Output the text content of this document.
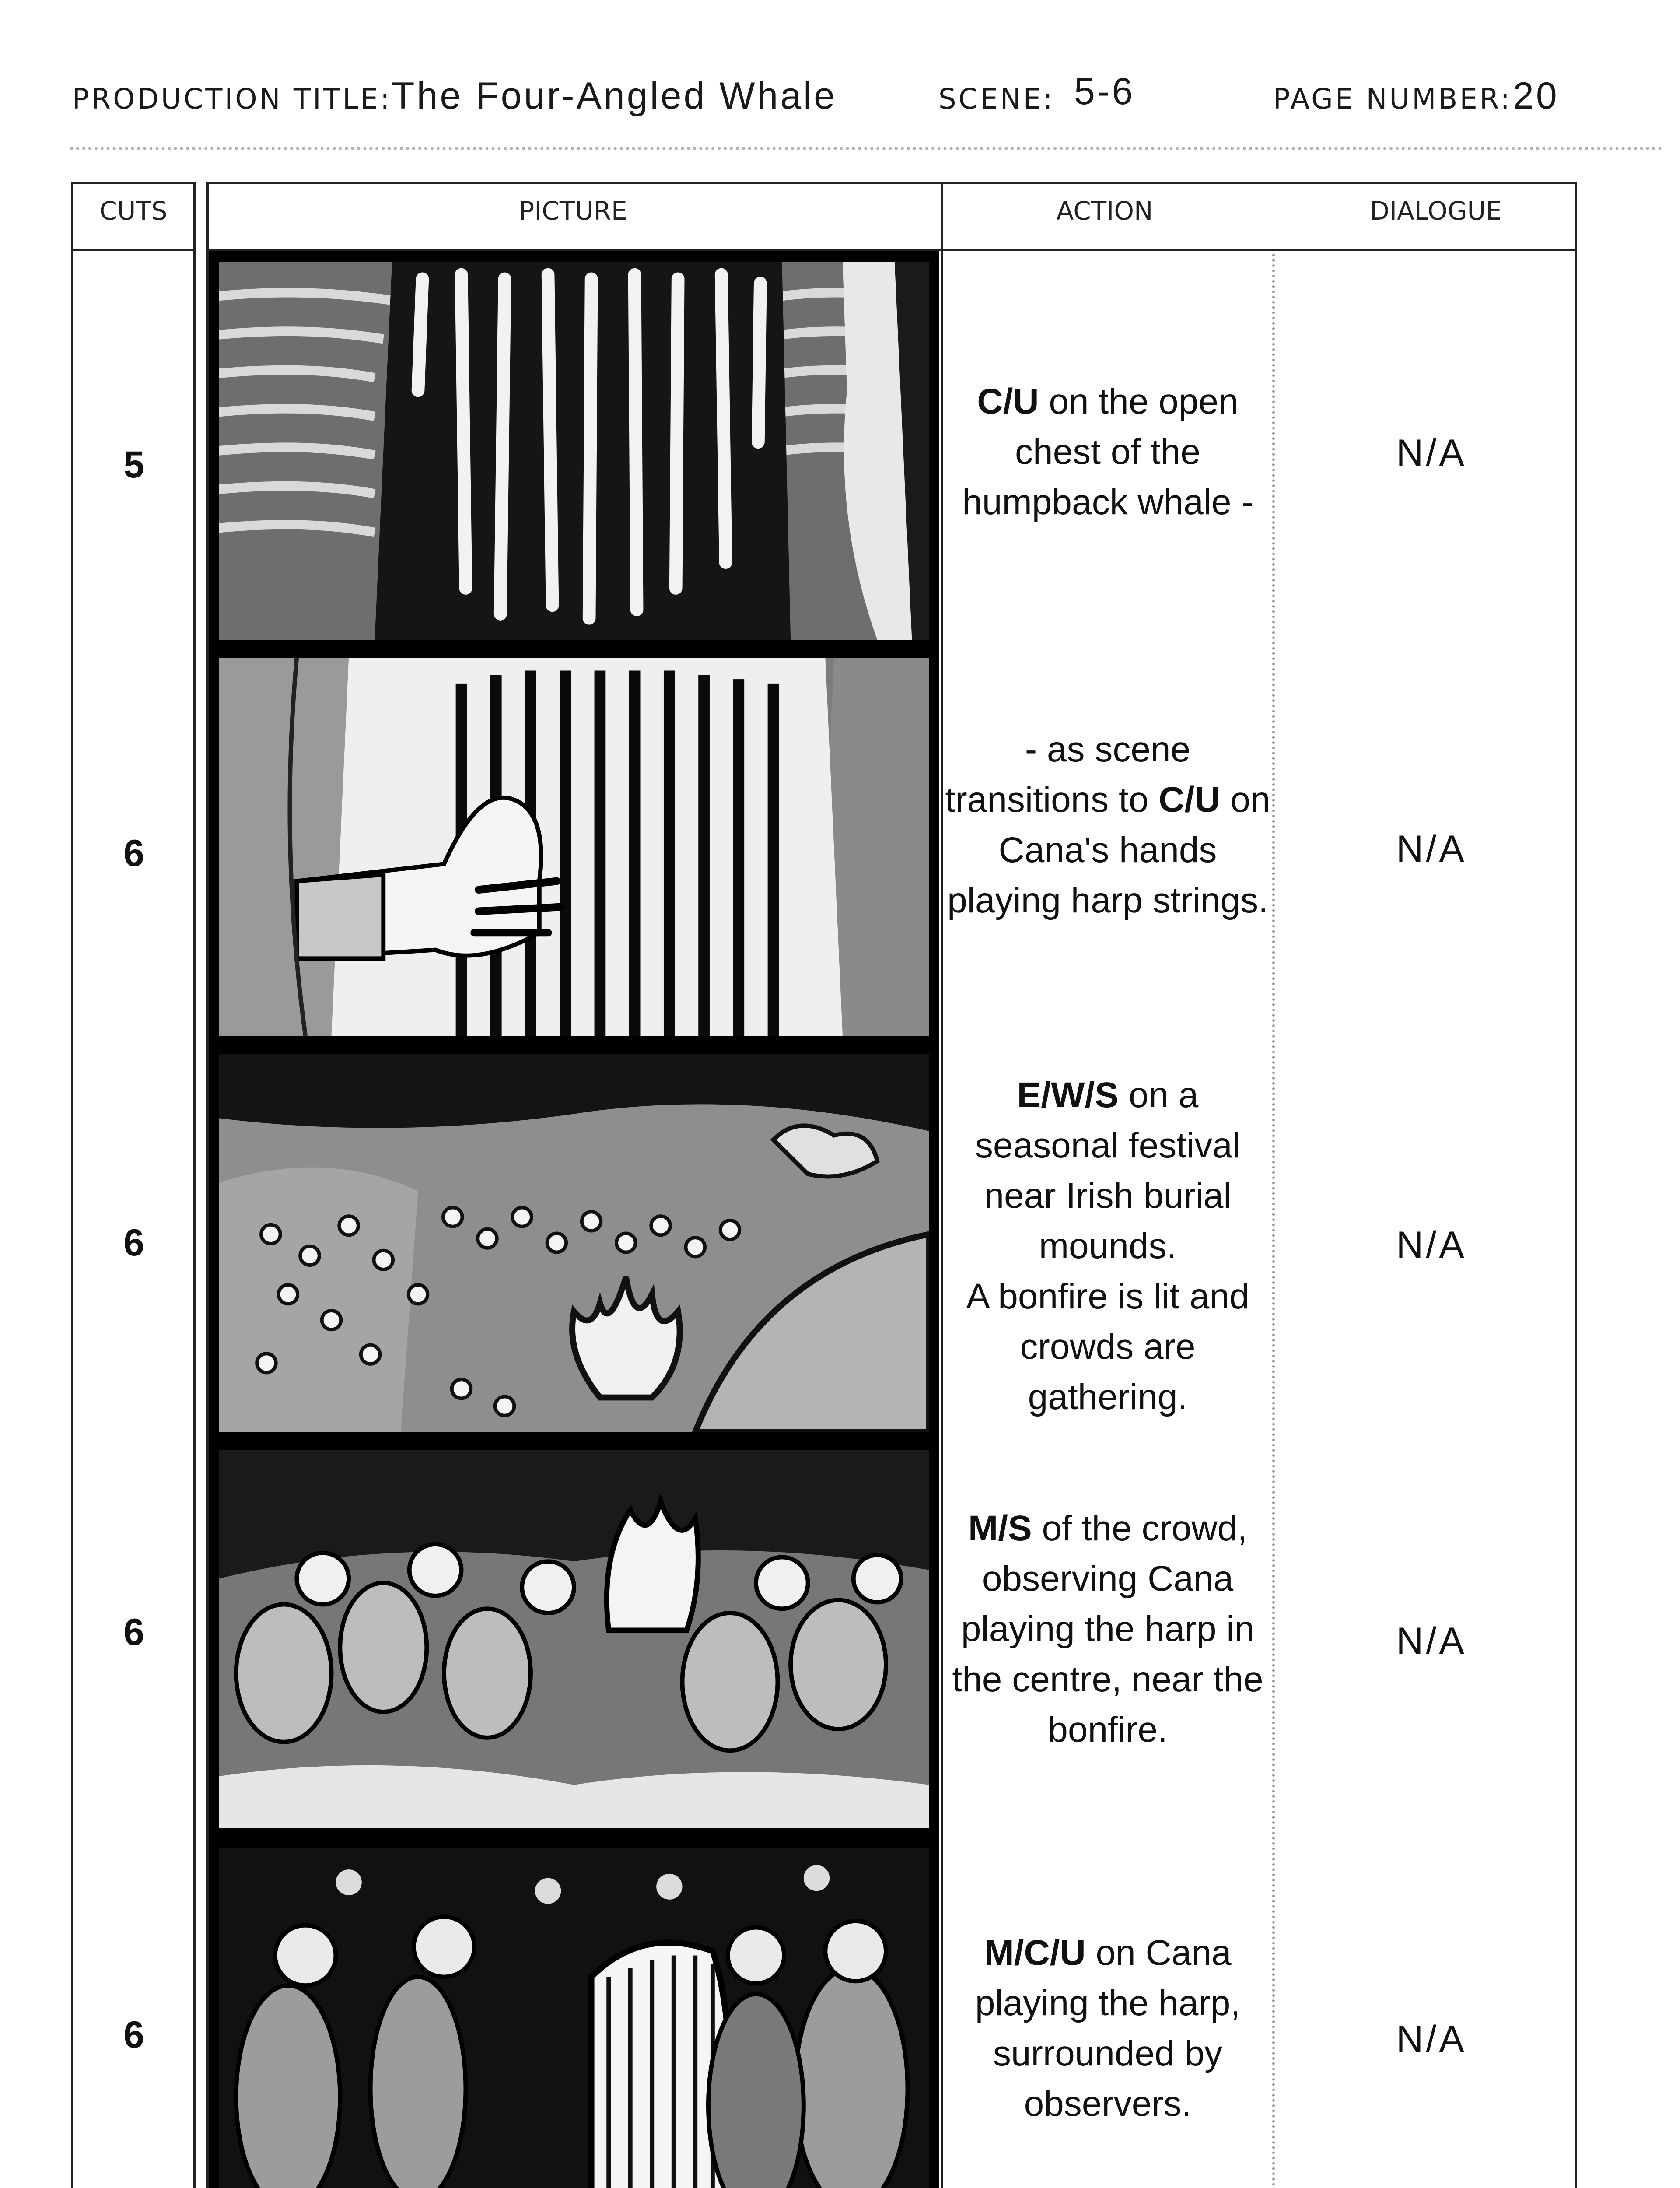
PRODUCTION TITLE: The Four-Angled Whale	SCENE: 5-6	PAGE NUMBER: 20
CUTS	PICTURE	ACTION	DIALOGUE
5
C/U on the open chest of the humpback whale -
N/A
6
- as scene transitions to C/U on Cana's hands playing harp strings.
N/A
6
E/W/S on a seasonal festival near Irish burial mounds.
A bonfire is lit and crowds are gathering.
N/A
6
M/S of the crowd, observing Cana playing the harp in the centre, near the bonfire.
N/A
6
M/C/U on Cana playing the harp, surrounded by observers.
N/A
